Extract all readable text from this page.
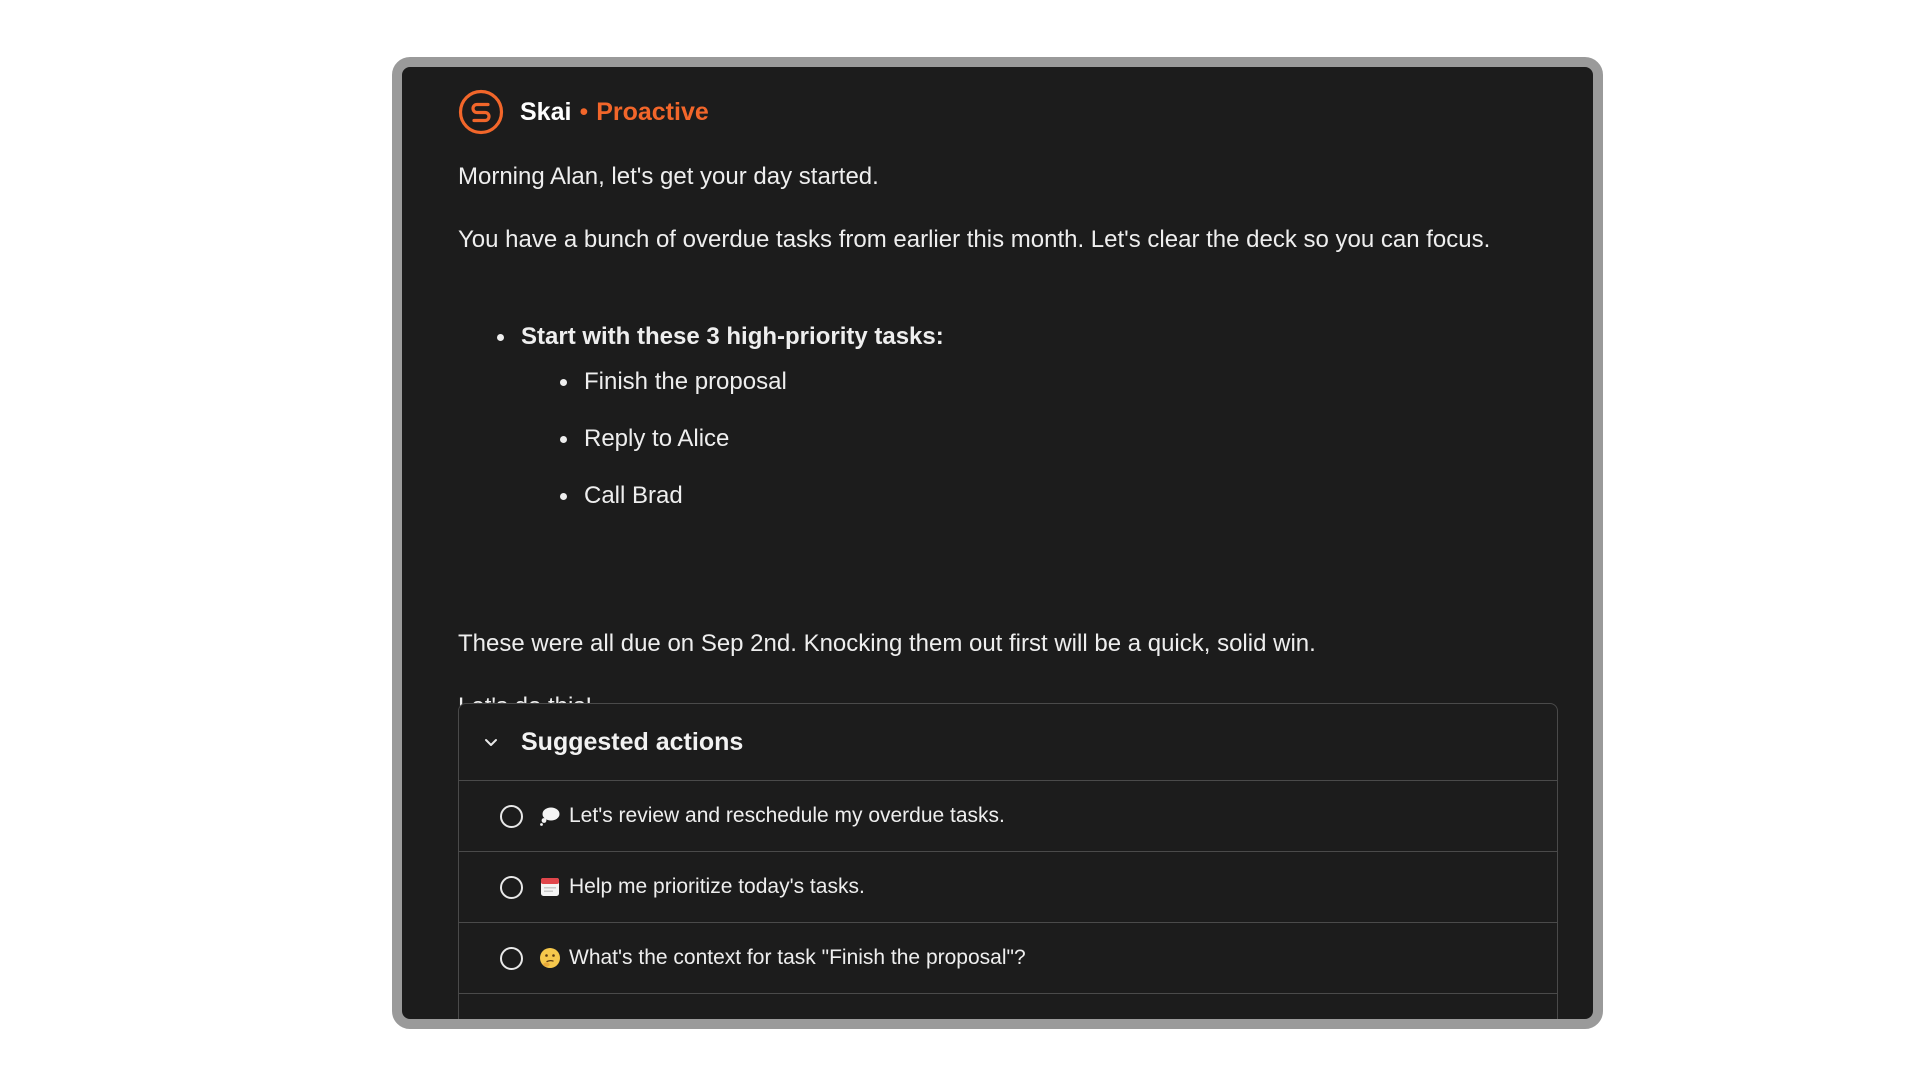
Skai • Proactive

Morning Alan, let's get your day started.

You have a bunch of overdue tasks from earlier this month. Let's clear the deck so you can focus.

Start with these 3 high-priority tasks:
Finish the proposal
Reply to Alice
Call Brad

These were all due on Sep 2nd. Knocking them out first will be a quick, solid win.

Suggested actions
Let's review and reschedule my overdue tasks.
Help me prioritize today's tasks.
What's the context for task "Finish the proposal"?
